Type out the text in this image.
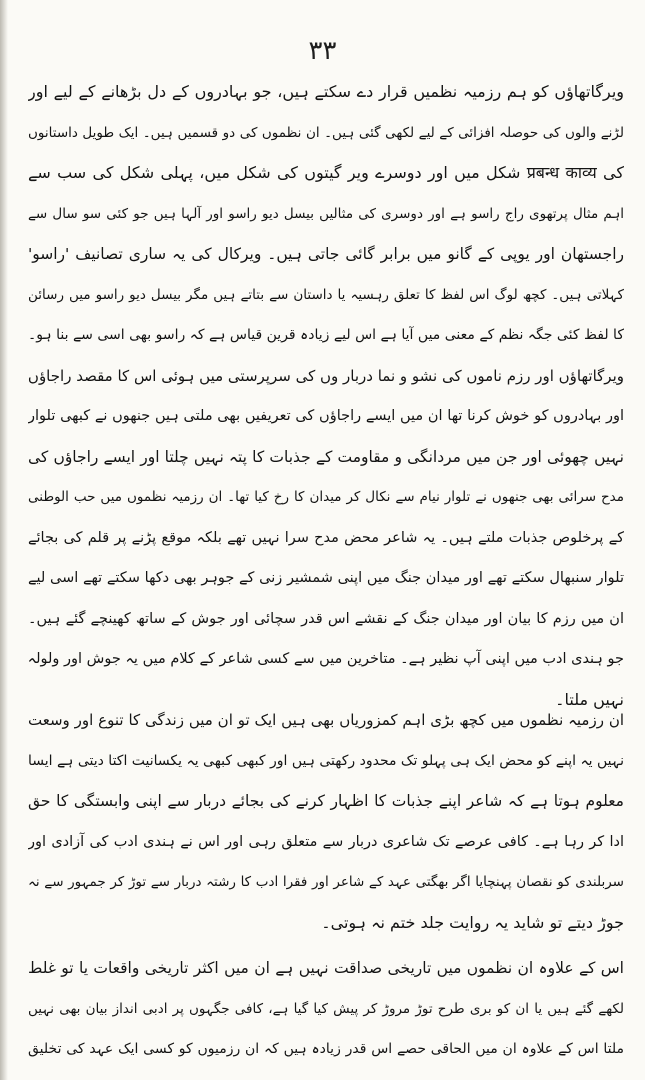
۳۳
ویرگاتھاؤں کو ہم رزمیہ نظمیں قرار دے سکتے ہیں، جو بہادروں کے دل بڑھانے کے لیے اور
لڑنے والوں کی حوصلہ افزائی کے لیے لکھی گئی ہیں۔ ان نظموں کی دو قسمیں ہیں۔ ایک طویل داستانوں
کی प्रबन्ध काव्य شکل میں اور دوسرے ویر گیتوں کی شکل میں، پہلی شکل کی سب سے
اہم مثال پرتھوی راج راسو ہے اور دوسری کی مثالیں بیسل دیو راسو اور آلہا ہیں جو کئی سو سال سے
راجستھان اور یوپی کے گانو میں برابر گائی جاتی ہیں۔ ویرکال کی یہ ساری تصانیف 'راسو'
کہلاتی ہیں۔ کچھ لوگ اس لفظ کا تعلق رہسیہ یا داستان سے بتاتے ہیں مگر بیسل دیو راسو میں رسائن
کا لفظ کئی جگہ نظم کے معنی میں آیا ہے اس لیے زیادہ قرین قیاس ہے کہ راسو بھی اسی سے بنا ہو۔
ویرگاتھاؤں اور رزم ناموں کی نشو و نما دربار وں کی سرپرستی میں ہوئی اس کا مقصد راجاؤں
اور بہادروں کو خوش کرنا تھا ان میں ایسے راجاؤں کی تعریفیں بھی ملتی ہیں جنھوں نے کبھی تلوار
نہیں چھوئی اور جن میں مردانگی و مقاومت کے جذبات کا پتہ نہیں چلتا اور ایسے راجاؤں کی
مدح سرائی بھی جنھوں نے تلوار نیام سے نکال کر میدان کا رخ کیا تھا۔ ان رزمیہ نظموں میں حب الوطنی
کے پرخلوص جذبات ملتے ہیں۔ یہ شاعر محض مدح سرا نہیں تھے بلکہ موقع پڑنے پر قلم کی بجائے
تلوار سنبھال سکتے تھے اور میدان جنگ میں اپنی شمشیر زنی کے جوہر بھی دکھا سکتے تھے اسی لیے
ان میں رزم کا بیان اور میدان جنگ کے نقشے اس قدر سچائی اور جوش کے ساتھ کھینچے گئے ہیں۔
جو ہندی ادب میں اپنی آپ نظیر ہے۔ متاخرین میں سے کسی شاعر کے کلام میں یہ جوش اور ولولہ
نہیں ملتا۔
ان رزمیہ نظموں میں کچھ بڑی اہم کمزوریاں بھی ہیں ایک تو ان میں زندگی کا تنوع اور وسعت
نہیں یہ اپنے کو محض ایک ہی پہلو تک محدود رکھتی ہیں اور کبھی کبھی یہ یکسانیت اکتا دیتی ہے ایسا
معلوم ہوتا ہے کہ شاعر اپنے جذبات کا اظہار کرنے کی بجائے دربار سے اپنی وابستگی کا حق
ادا کر رہا ہے۔ کافی عرصے تک شاعری دربار سے متعلق رہی اور اس نے ہندی ادب کی آزادی اور
سربلندی کو نقصان پہنچایا اگر بھگتی عہد کے شاعر اور فقرا ادب کا رشتہ دربار سے توڑ کر جمہور سے نہ
جوڑ دیتے تو شاید یہ روایت جلد ختم نہ ہوتی۔
اس کے علاوہ ان نظموں میں تاریخی صداقت نہیں ہے ان میں اکثر تاریخی واقعات یا تو غلط
لکھے گئے ہیں یا ان کو بری طرح توڑ مروڑ کر پیش کیا گیا ہے، کافی جگہوں پر ادبی انداز بیان بھی نہیں
ملتا اس کے علاوہ ان میں الحاقی حصے اس قدر زیادہ ہیں کہ ان رزمیوں کو کسی ایک عہد کی تخلیق
